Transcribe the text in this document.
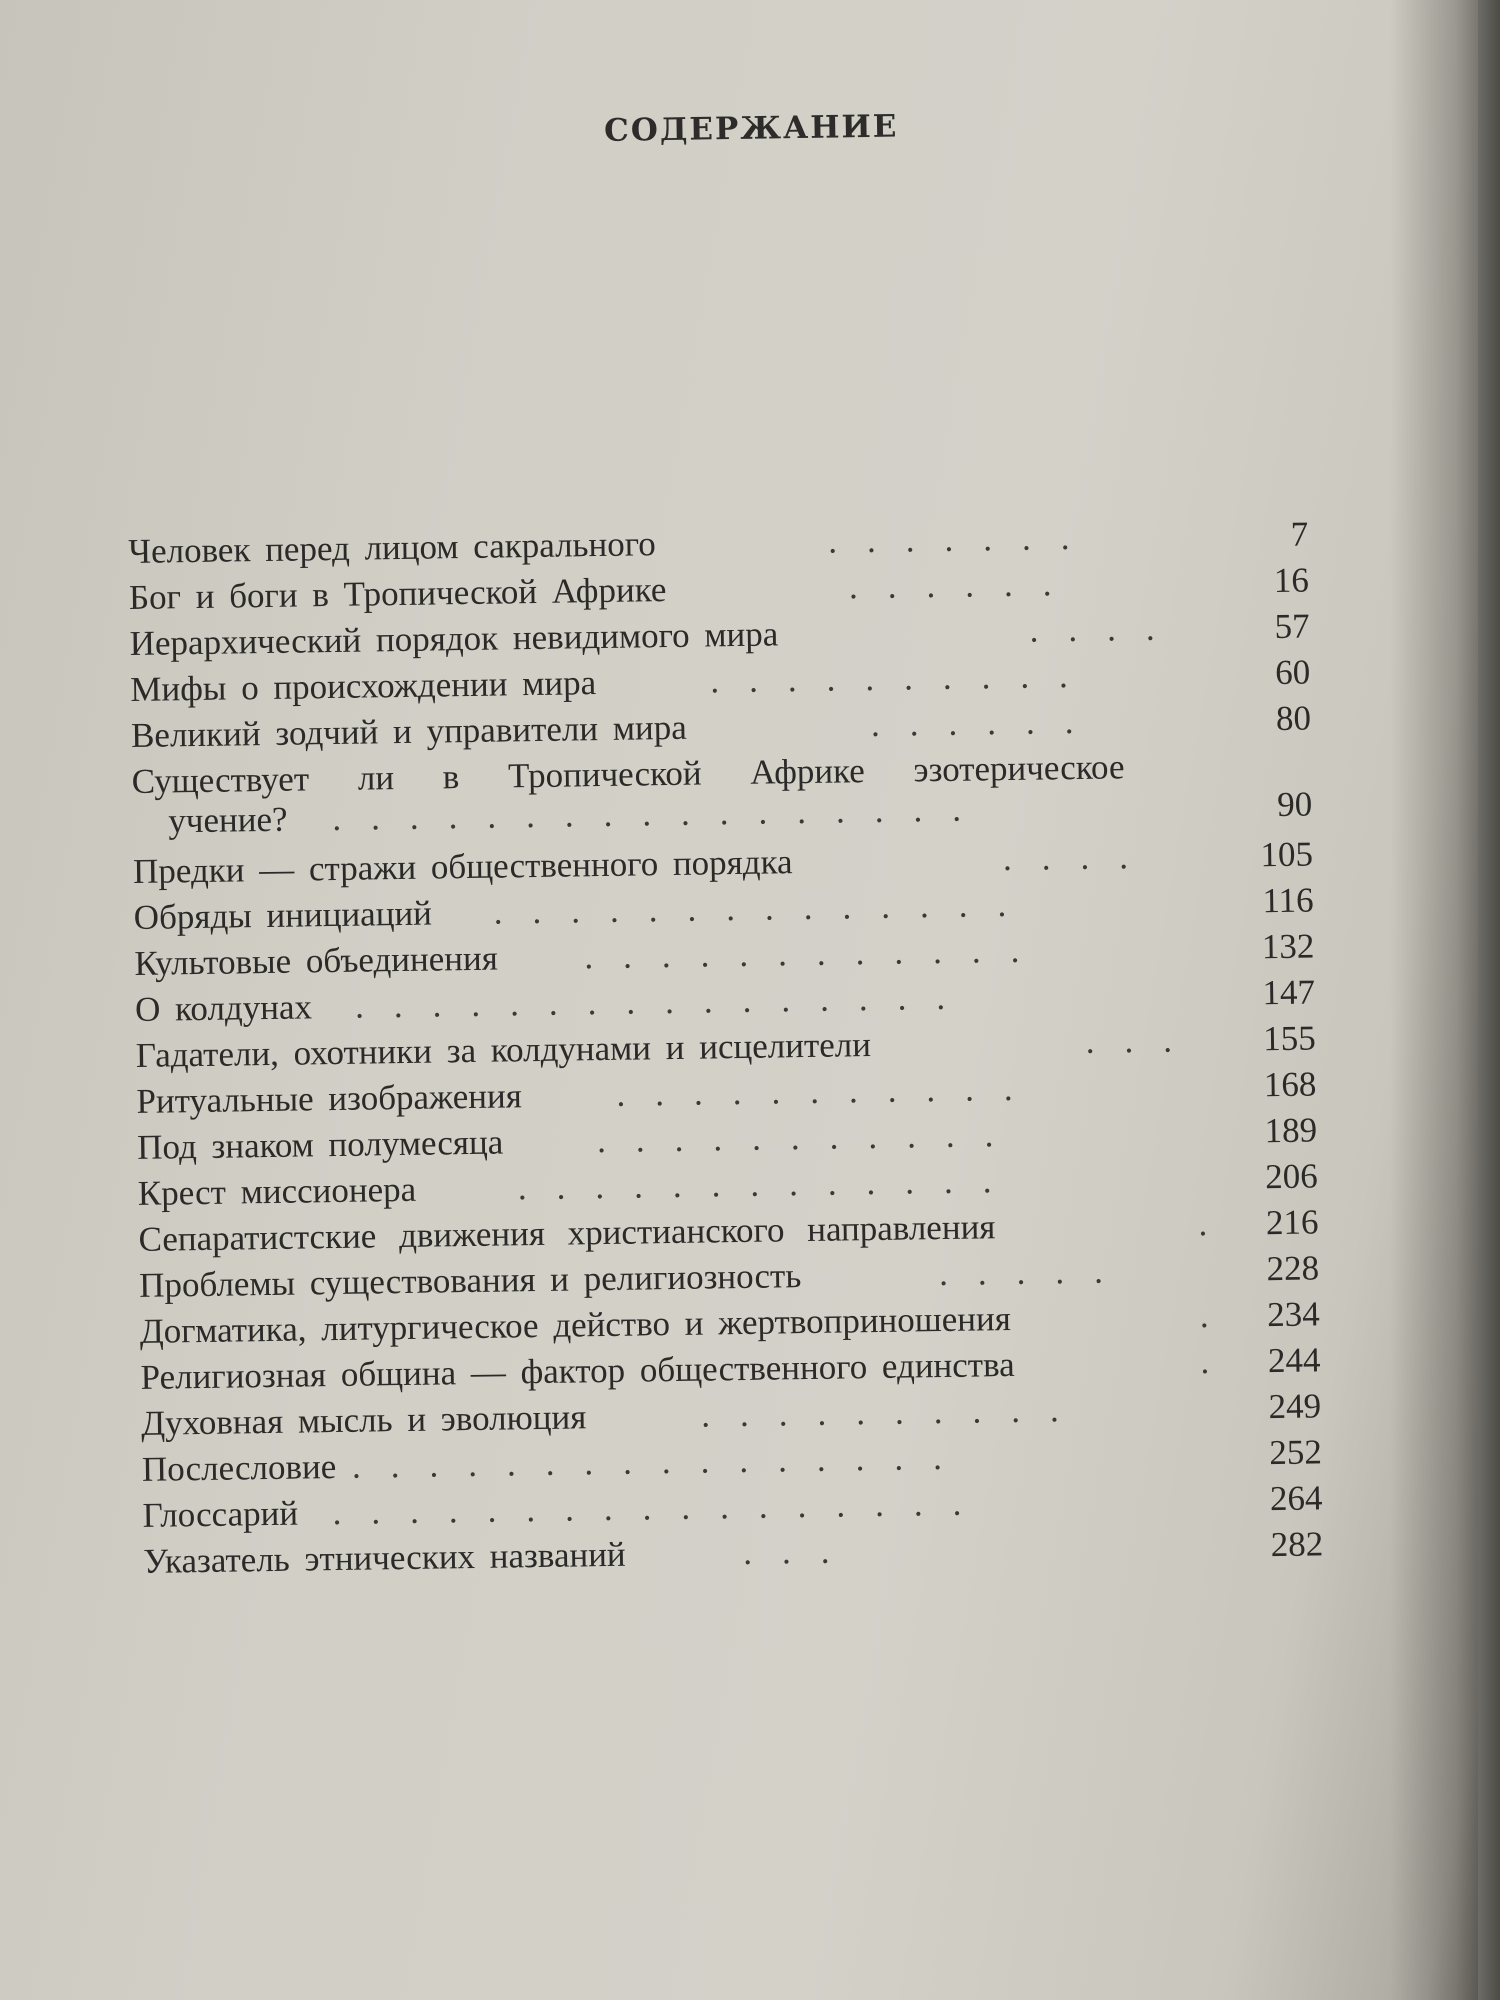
СОДЕРЖАНИЕ
Человек перед лицом сакрального	.......	7
Бог и боги в Тропической Африке	......	16
Иерархический порядок невидимого мира	....	57
Мифы о происхождении мира	..........	60
Великий зодчий и управители мира	......	80
Существует ли в Тропической Африке эзотерическое
учение? .................	90
Предки — стражи общественного порядка	....	105
Обряды инициаций ..............	116
Культовые объединения ............	132
О колдунах ................	147
Гадатели, охотники за колдунами и исцелители	...	155
Ритуальные изображения	...........	168
Под знаком полумесяца	...........	189
Крест миссионера	.............	206
Сепаратистские движения христианского направления	. 216
Проблемы существования и религиозность	.....	228
Догматика, литургическое действо и жертвоприношения	. 234
Религиозная община — фактор общественного единства	. 244
Духовная мысль и эволюция	..........	249
Послесловие ................	252
Глоссарий .................	264
Указатель этнических названий	...	282
